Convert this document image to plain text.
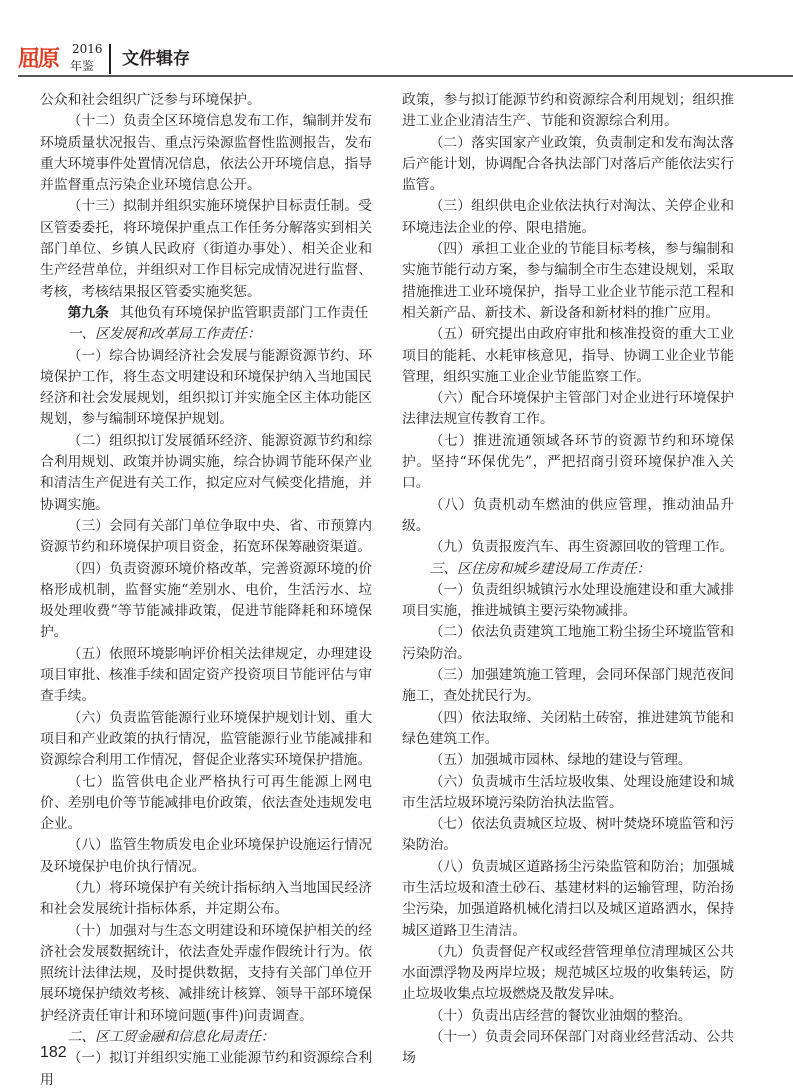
屈原	2016
年鉴 文件辑存

公众和社会组织广泛参与环境保护。

（十二）负责全区环境信息发布工作，编制并发布环境质量状况报告、重点污染源监督性监测报告，发布重大环境事件处置情况信息，依法公开环境信息，指导并监督重点污染企业环境信息公开。

（十三）拟制并组织实施环境保护目标责任制。受区管委委托，将环境保护重点工作任务分解落实到相关部门单位、乡镇人民政府（街道办事处）、相关企业和生产经营单位，并组织对工作目标完成情况进行监督、考核，考核结果报区管委实施奖惩。

第九条 其他负有环境保护监管职责部门工作责任

一、区发展和改革局工作责任：

（一）综合协调经济社会发展与能源资源节约、环境保护工作，将生态文明建设和环境保护纳入当地国民经济和社会发展规划，组织拟订并实施全区主体功能区规划，参与编制环境保护规划。

（二）组织拟订发展循环经济、能源资源节约和综合利用规划、政策并协调实施，综合协调节能环保产业和清洁生产促进有关工作，拟定应对气候变化措施，并协调实施。

（三）会同有关部门单位争取中央、省、市预算内资源节约和环境保护项目资金，拓宽环保筹融资渠道。

（四）负责资源环境价格改革，完善资源环境的价格形成机制，监督实施“差别水、电价，生活污水、垃圾处理收费”等节能减排政策，促进节能降耗和环境保护。

（五）依照环境影响评价相关法律规定，办理建设项目审批、核准手续和固定资产投资项目节能评估与审查手续。

（六）负责监管能源行业环境保护规划计划、重大项目和产业政策的执行情况，监管能源行业节能减排和资源综合利用工作情况，督促企业落实环境保护措施。

（七）监管供电企业严格执行可再生能源上网电价、差别电价等节能减排电价政策，依法查处违规发电企业。

（八）监管生物质发电企业环境保护设施运行情况及环境保护电价执行情况。

（九）将环境保护有关统计指标纳入当地国民经济和社会发展统计指标体系，并定期公布。

（十）加强对与生态文明建设和环境保护相关的经济社会发展数据统计，依法查处弄虚作假统计行为。依照统计法律法规，及时提供数据，支持有关部门单位开展环境保护绩效考核、减排统计核算、领导干部环境保护经济责任审计和环境问题(事件)问责调查。

二、区工贸金融和信息化局责任：

（一）拟订并组织实施工业能源节约和资源综合利用

政策，参与拟订能源节约和资源综合利用规划；组织推进工业企业清洁生产、节能和资源综合利用。

（二）落实国家产业政策，负责制定和发布淘汰落后产能计划，协调配合各执法部门对落后产能依法实行监管。

（三）组织供电企业依法执行对淘汰、关停企业和环境违法企业的停、限电措施。

（四）承担工业企业的节能目标考核，参与编制和实施节能行动方案，参与编制全市生态建设规划，采取措施推进工业环境保护，指导工业企业节能示范工程和相关新产品、新技术、新设备和新材料的推广应用。

（五）研究提出由政府审批和核准投资的重大工业项目的能耗、水耗审核意见，指导、协调工业企业节能管理，组织实施工业企业节能监察工作。

（六）配合环境保护主管部门对企业进行环境保护法律法规宣传教育工作。

（七）推进流通领域各环节的资源节约和环境保护。坚持“环保优先”，严把招商引资环境保护准入关口。

（八）负责机动车燃油的供应管理，推动油品升级。

（九）负责报废汽车、再生资源回收的管理工作。

三、区住房和城乡建设局工作责任：

（一）负责组织城镇污水处理设施建设和重大减排项目实施，推进城镇主要污染物减排。

（二）依法负责建筑工地施工粉尘扬尘环境监管和污染防治。

（三）加强建筑施工管理，会同环保部门规范夜间施工，查处扰民行为。

（四）依法取缔、关闭粘土砖窑，推进建筑节能和绿色建筑工作。

（五）加强城市园林、绿地的建设与管理。

（六）负责城市生活垃圾收集、处理设施建设和城市生活垃圾环境污染防治执法监管。

（七）依法负责城区垃圾、树叶焚烧环境监管和污染防治。

（八）负责城区道路扬尘污染监管和防治；加强城市生活垃圾和渣土砂石、基建材料的运输管理，防治扬尘污染，加强道路机械化清扫以及城区道路洒水，保持城区道路卫生清洁。

（九）负责督促产权或经营管理单位清理城区公共水面漂浮物及两岸垃圾；规范城区垃圾的收集转运，防止垃圾收集点垃圾燃烧及散发异味。

（十）负责出店经营的餐饮业油烟的整治。

（十一）负责会同环保部门对商业经营活动、公共场

182
